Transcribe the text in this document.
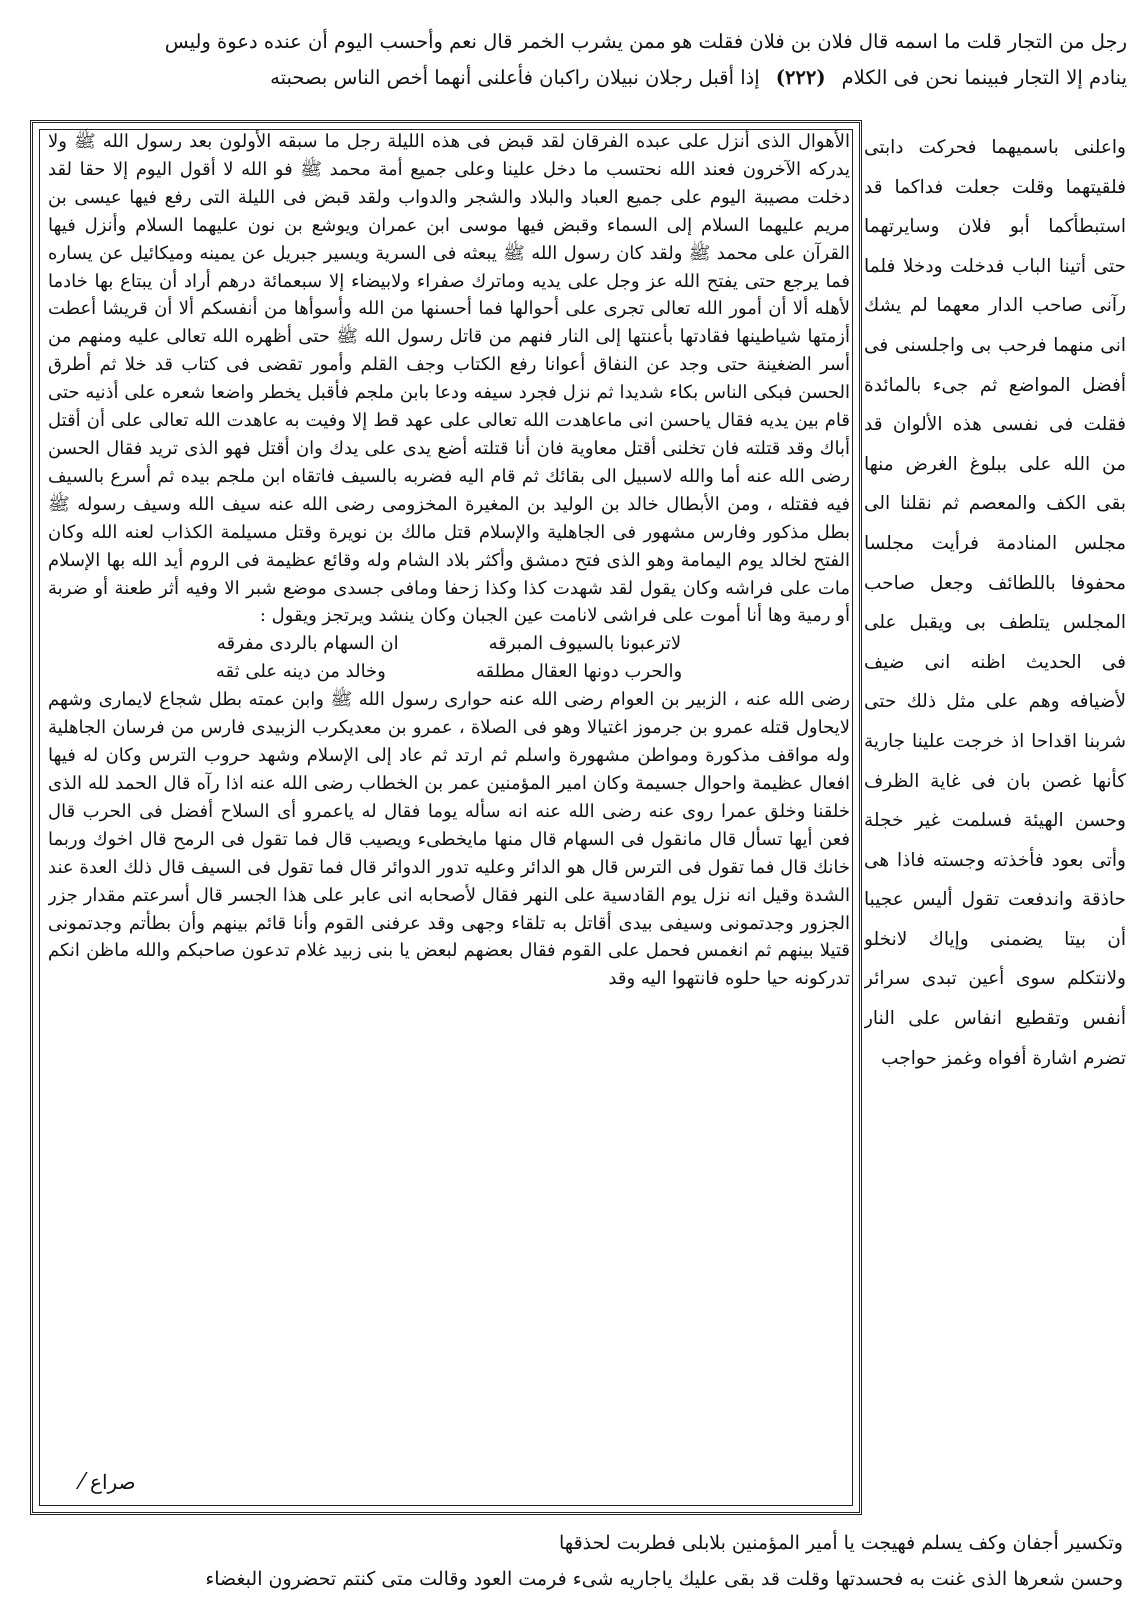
رجل من التجار قلت ما اسمه قال فلان بن فلان فقلت هو ممن يشرب الخمر قال نعم وأحسب اليوم أن عنده دعوة وليس
ينادم إلا التجار فبينما نحن فى الكلام(٢٢٢)إذا أقبل رجلان نبيلان راكبان فأعلنى أنهما أخص الناس بصحبته

الأهوال الذى أنزل على عبده الفرقان لقد قبض فى هذه الليلة رجل ما سبقه الأولون بعد رسول الله ﷺ ولا يدركه الآخرون فعند الله نحتسب ما دخل علينا وعلى جميع أمة محمد ﷺ فو الله لا أقول اليوم إلا حقا لقد دخلت مصيبة اليوم على جميع العباد والبلاد والشجر والدواب ولقد قبض فى الليلة التى رفع فيها عيسى بن مريم عليهما السلام إلى السماء وقبض فيها موسى ابن عمران ويوشع بن نون عليهما السلام وأنزل فيها القرآن على محمد ﷺ ولقد كان رسول الله ﷺ يبعثه فى السرية ويسير جبريل عن يمينه وميكائيل عن يساره فما يرجع حتى يفتح الله عز وجل على يديه وماترك صفراء ولابيضاء إلا سبعمائة درهم أراد أن يبتاع بها خادما لأهله ألا أن أمور الله تعالى تجرى على أحوالها فما أحسنها من الله وأسوأها من أنفسكم ألا أن قريشا أعطت أزمتها شياطينها فقادتها بأعنتها إلى النار فنهم من قاتل رسول الله ﷺ حتى أظهره الله تعالى عليه ومنهم من أسر الضغينة حتى وجد عن النفاق أعوانا رفع الكتاب وجف القلم وأمور تقضى فى كتاب قد خلا ثم أطرق الحسن فبكى الناس بكاء شديدا ثم نزل فجرد سيفه ودعا بابن ملجم فأقبل يخطر واضعا شعره على أذنيه حتى قام بين يديه فقال ياحسن انى ماعاهدت الله تعالى على عهد قط إلا وفيت به عاهدت الله تعالى على أن أقتل أباك وقد قتلته فان تخلنى أقتل معاوية فان أنا قتلته أضع يدى على يدك وان أقتل فهو الذى تريد فقال الحسن رضى الله عنه أما والله لاسبيل الى بقائك ثم قام اليه فضربه بالسيف فاتقاه ابن ملجم بيده ثم أسرع بالسيف فيه فقتله ، ومن الأبطال خالد بن الوليد بن المغيرة المخزومى رضى الله عنه سيف الله وسيف رسوله ﷺ بطل مذكور وفارس مشهور فى الجاهلية والإسلام قتل مالك بن نويرة وقتل مسيلمة الكذاب لعنه الله وكان الفتح لخالد يوم اليمامة وهو الذى فتح دمشق وأكثر بلاد الشام وله وقائع عظيمة فى الروم أيد الله بها الإسلام مات على فراشه وكان يقول لقد شهدت كذا وكذا زحفا ومافى جسدى موضع شبر الا وفيه أثر طعنة أو ضربة أو رمية وها أنا أموت على فراشى لانامت عين الجبان وكان ينشد ويرتجز ويقول :

لاترعبونا بالسيوف المبرقه
ان السهام بالردى مفرقه
والحرب دونها العقال مطلقه
وخالد من دينه على ثقه

رضى الله عنه ، الزبير بن العوام رضى الله عنه حوارى رسول الله ﷺ وابن عمته بطل شجاع لايمارى وشهم لايحاول قتله عمرو بن جرموز اغتيالا وهو فى الصلاة ، عمرو بن معديكرب الزبيدى فارس من فرسان الجاهلية وله مواقف مذكورة ومواطن مشهورة واسلم ثم ارتد ثم عاد إلى الإسلام وشهد حروب الترس وكان له فيها افعال عظيمة واحوال جسيمة وكان امير المؤمنين عمر بن الخطاب رضى الله عنه اذا رآه قال الحمد لله الذى خلقنا وخلق عمرا روى عنه رضى الله عنه انه سأله يوما فقال له ياعمرو أى السلاح أفضل فى الحرب قال فعن أيها تسأل قال مانقول فى السهام قال منها مايخطىء ويصيب قال فما تقول فى الرمح قال اخوك وربما خانك قال فما تقول فى الترس قال هو الدائر وعليه تدور الدوائر قال فما تقول فى السيف قال ذلك العدة عند الشدة وقيل انه نزل يوم القادسية على النهر فقال لأصحابه انى عابر على هذا الجسر قال أسرعتم مقدار جزر الجزور وجدتمونى وسيفى بيدى أقاتل به تلقاء وجهى وقد عرفنى القوم وأنا قائم بينهم وأن بطأتم وجدتمونى قتيلا بينهم ثم انغمس فحمل على القوم فقال بعضهم لبعض يا بنى زبيد غلام تدعون صاحبكم والله ماظن انكم تدركونه حيا حلوه فانتهوا اليه وقد

واعلنى باسميهما فحركت دابتى فلقيتهما وقلت جعلت فداكما قد استبطأكما أبو فلان وسايرتهما حتى أتينا الباب فدخلت ودخلا فلما رآنى صاحب الدار معهما لم يشك انى منهما فرحب بى واجلسنى فى أفضل المواضع ثم جىء بالمائدة فقلت فى نفسى هذه الألوان قد من الله على ببلوغ الغرض منها بقى الكف والمعصم ثم نقلنا الى مجلس المنادمة فرأيت مجلسا محفوفا باللطائف وجعل صاحب المجلس يتلطف بى ويقبل على فى الحديث اظنه انى ضيف لأضيافه وهم على مثل ذلك حتى شربنا اقداحا اذ خرجت علينا جارية كأنها غصن بان فى غاية الظرف وحسن الهيئة فسلمت غير خجلة وأتى بعود فأخذته وجسته فاذا هى حاذقة واندفعت تقول أليس عجيبا أن بيتا يضمنى وإياك لانخلو ولانتكلم سوى أعين تبدى سرائر أنفس وتقطيع انفاس على النار تضرم اشارة أفواه وغمز حواجب

صراع ⁄
وتكسير أجفان وكف يسلم فهيجت يا أمير المؤمنين بلابلى فطربت لحذقها
وحسن شعرها الذى غنت به فحسدتها وقلت قد بقى عليك ياجاريه شىء فرمت العود وقالت متى كنتم تحضرون البغضاء
